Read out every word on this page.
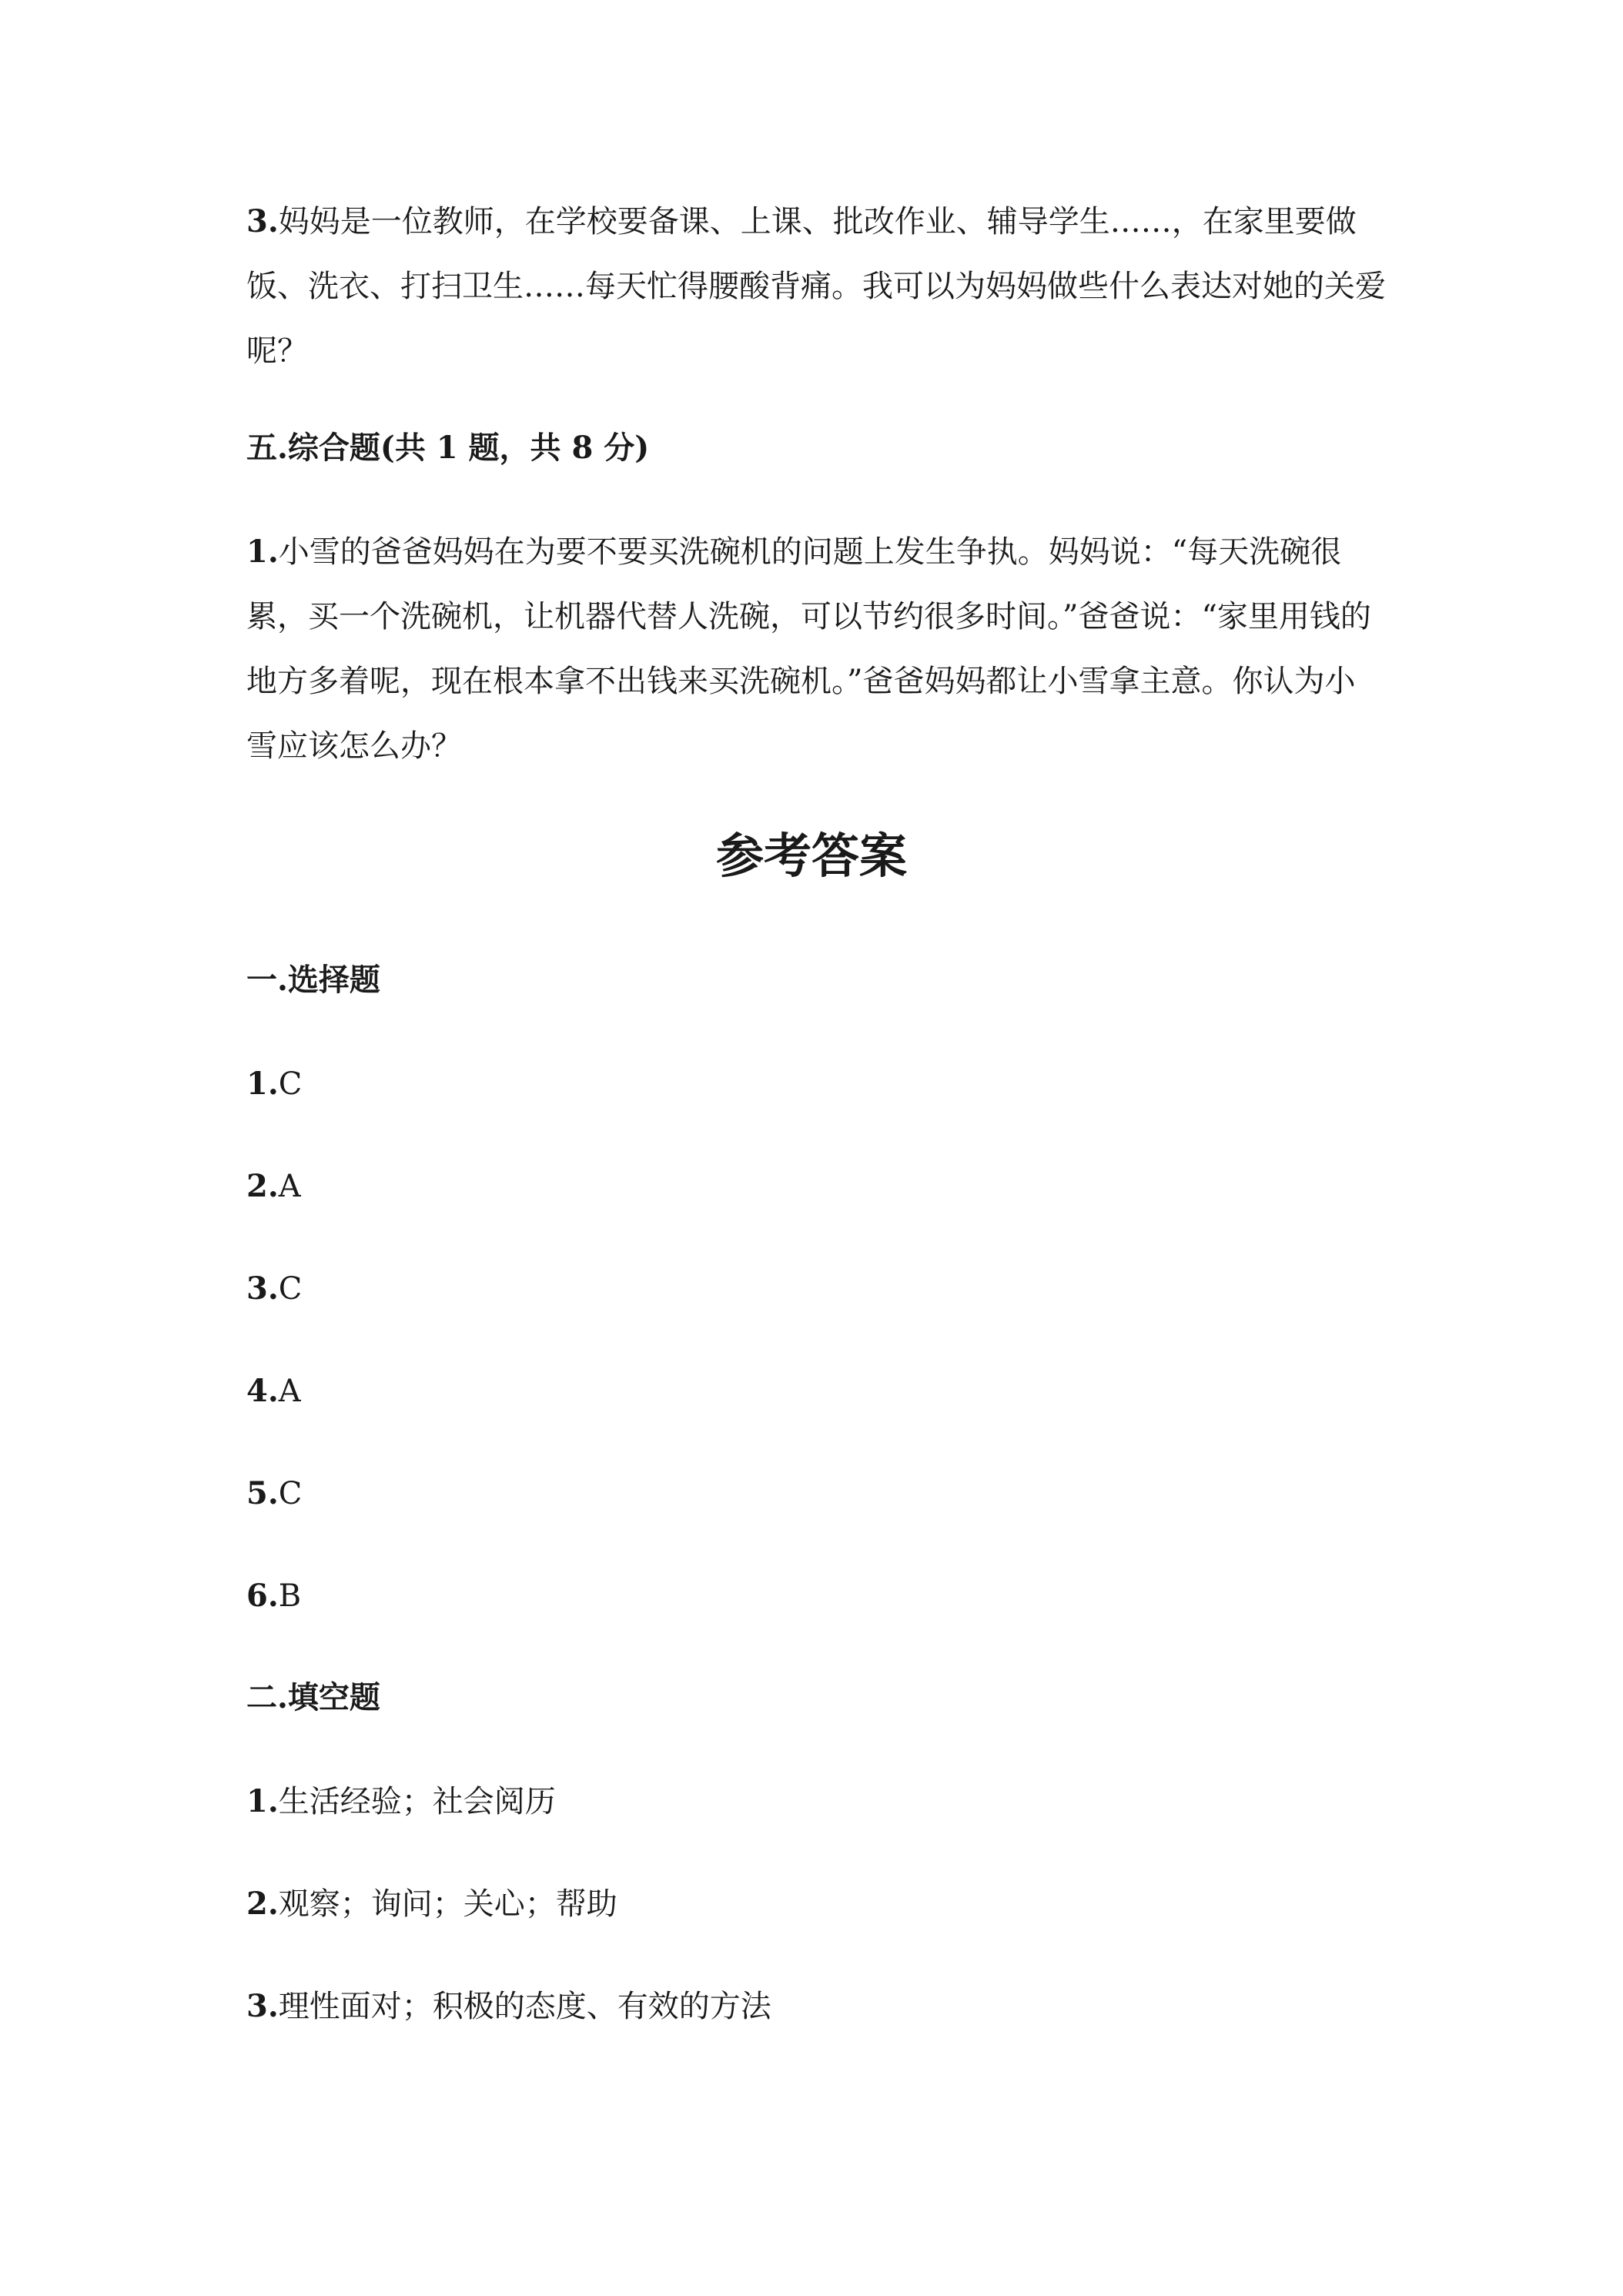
3.妈妈是一位教师，在学校要备课、上课、批改作业、辅导学生……，在家里要做饭、洗衣、打扫卫生……每天忙得腰酸背痛。我可以为妈妈做些什么表达对她的关爱呢？

五.综合题(共 1 题，共 8 分)

1.小雪的爸爸妈妈在为要不要买洗碗机的问题上发生争执。妈妈说：“每天洗碗很累，买一个洗碗机，让机器代替人洗碗，可以节约很多时间。”爸爸说：“家里用钱的地方多着呢，现在根本拿不出钱来买洗碗机。”爸爸妈妈都让小雪拿主意。你认为小雪应该怎么办？

参考答案
一.选择题

1.C

2.A

3.C

4.A

5.C

6.B

二.填空题

1.生活经验；社会阅历

2.观察；询问；关心；帮助

3.理性面对；积极的态度、有效的方法
